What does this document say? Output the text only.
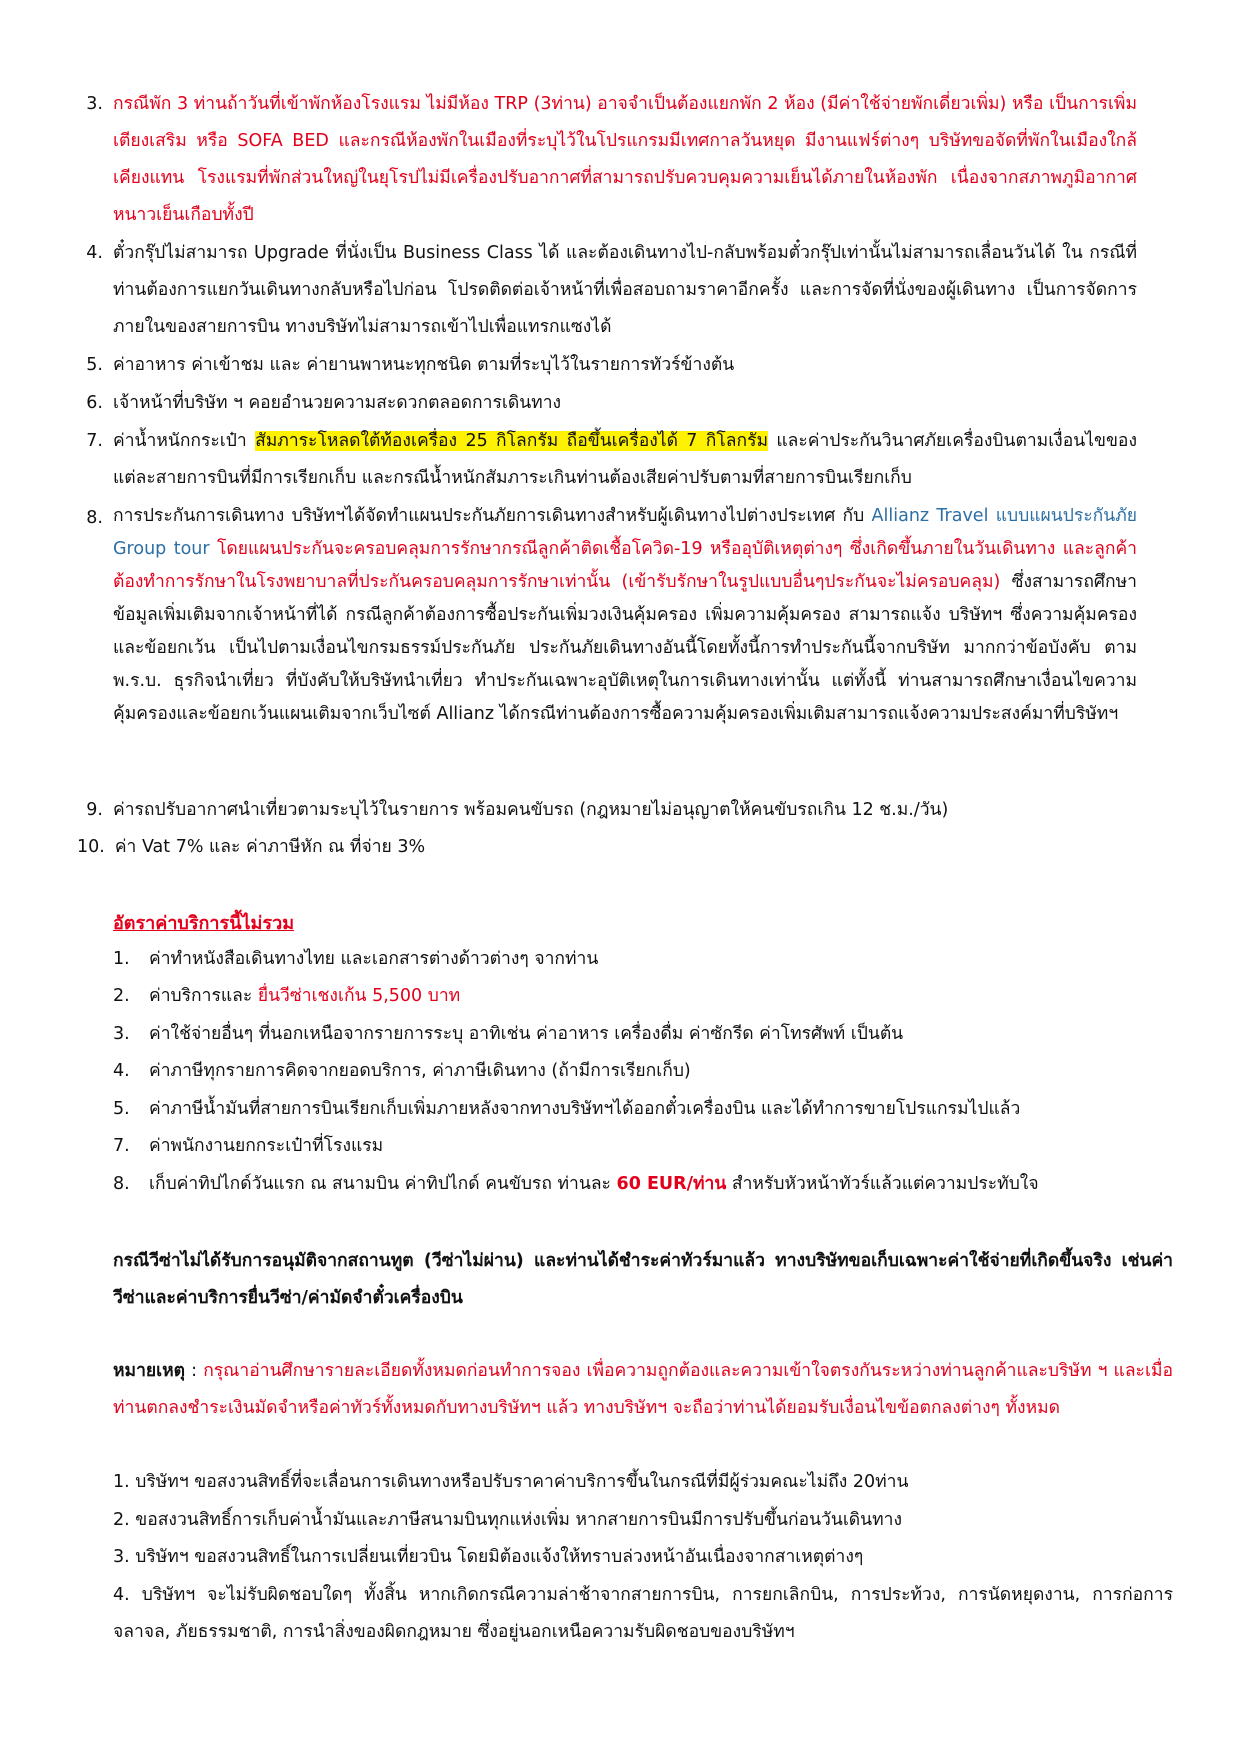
3. กรณีพัก 3 ท่านถ้าวันที่เข้าพักห้องโรงแรม ไม่มีห้อง TRP (3ท่าน) อาจจำเป็นต้องแยกพัก 2 ห้อง (มีค่าใช้จ่ายพักเดี่ยวเพิ่ม) หรือ เป็นการเพิ่มเตียงเสริม หรือ SOFA BED และกรณีห้องพักในเมืองที่ระบุไว้ในโปรแกรมมีเทศกาลวันหยุด มีงานแฟร์ต่างๆ บริษัทขอจัดที่พักในเมืองใกล้เคียงแทน โรงแรมที่พักส่วนใหญ่ในยุโรปไม่มีเครื่องปรับอากาศที่สามารถปรับควบคุมความเย็นได้ภายในห้องพัก เนื่องจากสภาพภูมิอากาศหนาวเย็นเกือบทั้งปี
4. ตั๋วกรุ๊ปไม่สามารถ Upgrade ที่นั่งเป็น Business Class ได้ และต้องเดินทางไป-กลับพร้อมตั๋วกรุ๊ปเท่านั้นไม่สามารถเลื่อนวันได้ ใน กรณีที่ท่านต้องการแยกวันเดินทางกลับหรือไปก่อน โปรดติดต่อเจ้าหน้าที่เพื่อสอบถามราคาอีกครั้ง และการจัดที่นั่งของผู้เดินทาง เป็นการจัดการภายในของสายการบิน ทางบริษัทไม่สามารถเข้าไปเพื่อแทรกแซงได้
5. ค่าอาหาร ค่าเข้าชม และ ค่ายานพาหนะทุกชนิด ตามที่ระบุไว้ในรายการทัวร์ข้างต้น
6. เจ้าหน้าที่บริษัท ฯ คอยอำนวยความสะดวกตลอดการเดินทาง
7. ค่าน้ำหนักกระเป๋า สัมภาระโหลดใต้ท้องเครื่อง 25 กิโลกรัม ถือขึ้นเครื่องได้ 7 กิโลกรัม และค่าประกันวินาศภัยเครื่องบินตามเงื่อนไขของแต่ละสายการบินที่มีการเรียกเก็บ และกรณีน้ำหนักสัมภาระเกินท่านต้องเสียค่าปรับตามที่สายการบินเรียกเก็บ
8. การประกันการเดินทาง บริษัทฯได้จัดทำแผนประกันภัยการเดินทางสำหรับผู้เดินทางไปต่างประเทศ กับ Allianz Travel แบบแผนประกันภัย Group tour โดยแผนประกันจะครอบคลุมการรักษากรณีลูกค้าติดเชื้อโควิด-19 หรืออุบัติเหตุต่างๆ ซึ่งเกิดขึ้นภายในวันเดินทาง และลูกค้าต้องทำการรักษาในโรงพยาบาลที่ประกันครอบคลุมการรักษาเท่านั้น (เข้ารับรักษาในรูปแบบอื่นๆประกันจะไม่ครอบคลุม) ซึ่งสามารถศึกษาข้อมูลเพิ่มเติมจากเจ้าหน้าที่ได้ กรณีลูกค้าต้องการซื้อประกันเพิ่มวงเงินคุ้มครอง เพิ่มความคุ้มครอง สามารถแจ้ง บริษัทฯ ซึ่งความคุ้มครองและข้อยกเว้น เป็นไปตามเงื่อนไขกรมธรรม์ประกันภัย ประกันภัยเดินทางอันนี้โดยทั้งนี้การทำประกันนี้จากบริษัท มากกว่าข้อบังคับ ตาม พ.ร.บ. ธุรกิจนำเที่ยว ที่บังคับให้บริษัทนำเที่ยว ทำประกันเฉพาะอุบัติเหตุในการเดินทางเท่านั้น แต่ทั้งนี้ ท่านสามารถศึกษาเงื่อนไขความคุ้มครองและข้อยกเว้นแผนเติมจากเว็บไซต์ Allianz ได้กรณีท่านต้องการซื้อความคุ้มครองเพิ่มเติมสามารถแจ้งความประสงค์มาที่บริษัทฯ
9. ค่ารถปรับอากาศนำเที่ยวตามระบุไว้ในรายการ พร้อมคนขับรถ (กฎหมายไม่อนุญาตให้คนขับรถเกิน 12 ช.ม./วัน)
10. ค่า Vat 7% และ ค่าภาษีหัก ณ ที่จ่าย 3%
อัตราค่าบริการนี้ไม่รวม
1.	ค่าทำหนังสือเดินทางไทย และเอกสารต่างด้าวต่างๆ จากท่าน
2.	ค่าบริการและ ยื่นวีซ่าเชงเก้น 5,500 บาท
3.	ค่าใช้จ่ายอื่นๆ ที่นอกเหนือจากรายการระบุ อาทิเช่น ค่าอาหาร เครื่องดื่ม ค่าซักรีด ค่าโทรศัพท์ เป็นต้น
4.	ค่าภาษีทุกรายการคิดจากยอดบริการ, ค่าภาษีเดินทาง (ถ้ามีการเรียกเก็บ)
5.	ค่าภาษีน้ำมันที่สายการบินเรียกเก็บเพิ่มภายหลังจากทางบริษัทฯได้ออกตั๋วเครื่องบิน และได้ทำการขายโปรแกรมไปแล้ว
7.	ค่าพนักงานยกกระเป๋าที่โรงแรม
8.	เก็บค่าทิปไกด์วันแรก ณ สนามบิน ค่าทิปไกด์ คนขับรถ ท่านละ 60 EUR/ท่าน สำหรับหัวหน้าทัวร์แล้วแต่ความประทับใจ
กรณีวีซ่าไม่ได้รับการอนุมัติจากสถานทูต (วีซ่าไม่ผ่าน) และท่านได้ชำระค่าทัวร์มาแล้ว ทางบริษัทขอเก็บเฉพาะค่าใช้จ่ายที่เกิดขึ้นจริง เช่นค่าวีซ่าและค่าบริการยื่นวีซ่า/ค่ามัดจำตั๋วเครื่องบิน
หมายเหตุ : กรุณาอ่านศึกษารายละเอียดทั้งหมดก่อนทำการจอง เพื่อความถูกต้องและความเข้าใจตรงกันระหว่างท่านลูกค้าและบริษัท ฯ และเมื่อท่านตกลงชำระเงินมัดจำหรือค่าทัวร์ทั้งหมดกับทางบริษัทฯ แล้ว ทางบริษัทฯ จะถือว่าท่านได้ยอมรับเงื่อนไขข้อตกลงต่างๆ ทั้งหมด
1. บริษัทฯ ขอสงวนสิทธิ์ที่จะเลื่อนการเดินทางหรือปรับราคาค่าบริการขึ้นในกรณีที่มีผู้ร่วมคณะไม่ถึง 20ท่าน
2. ขอสงวนสิทธิ์การเก็บค่าน้ำมันและภาษีสนามบินทุกแห่งเพิ่ม หากสายการบินมีการปรับขึ้นก่อนวันเดินทาง
3. บริษัทฯ ขอสงวนสิทธิ์ในการเปลี่ยนเที่ยวบิน โดยมิต้องแจ้งให้ทราบล่วงหน้าอันเนื่องจากสาเหตุต่างๆ
4. บริษัทฯ จะไม่รับผิดชอบใดๆ ทั้งสิ้น หากเกิดกรณีความล่าช้าจากสายการบิน, การยกเลิกบิน, การประท้วง, การนัดหยุดงาน, การก่อการจลาจล, ภัยธรรมชาติ, การนำสิ่งของผิดกฎหมาย ซึ่งอยู่นอกเหนือความรับผิดชอบของบริษัทฯ
